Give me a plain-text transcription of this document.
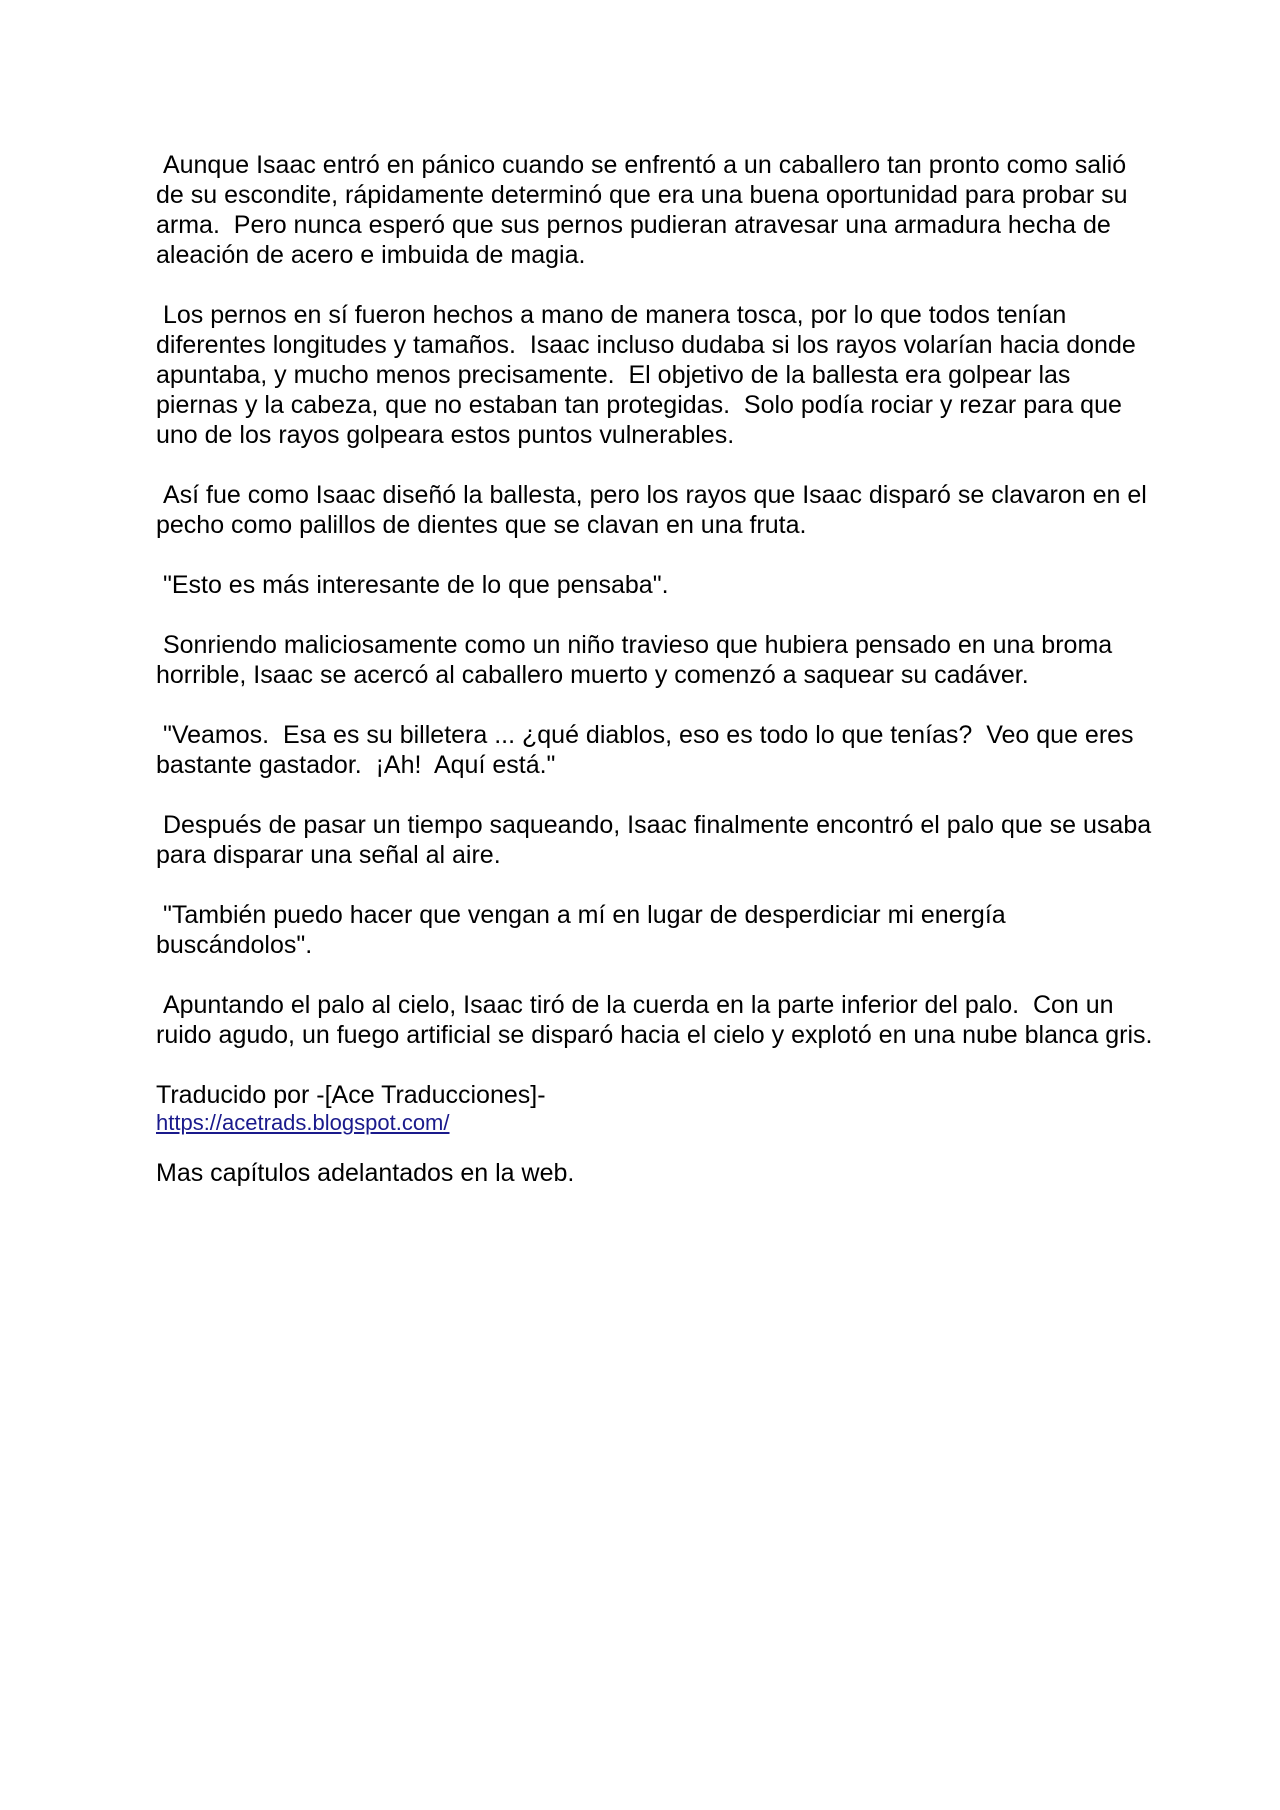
Aunque Isaac entró en pánico cuando se enfrentó a un caballero tan pronto como salió de su escondite, rápidamente determinó que era una buena oportunidad para probar su arma.  Pero nunca esperó que sus pernos pudieran atravesar una armadura hecha de aleación de acero e imbuida de magia.

Los pernos en sí fueron hechos a mano de manera tosca, por lo que todos tenían diferentes longitudes y tamaños.  Isaac incluso dudaba si los rayos volarían hacia donde apuntaba, y mucho menos precisamente.  El objetivo de la ballesta era golpear las piernas y la cabeza, que no estaban tan protegidas.  Solo podía rociar y rezar para que uno de los rayos golpeara estos puntos vulnerables.

Así fue como Isaac diseñó la ballesta, pero los rayos que Isaac disparó se clavaron en el pecho como palillos de dientes que se clavan en una fruta.

"Esto es más interesante de lo que pensaba".

Sonriendo maliciosamente como un niño travieso que hubiera pensado en una broma horrible, Isaac se acercó al caballero muerto y comenzó a saquear su cadáver.

"Veamos.  Esa es su billetera ... ¿qué diablos, eso es todo lo que tenías?  Veo que eres bastante gastador.  ¡Ah!  Aquí está."

Después de pasar un tiempo saqueando, Isaac finalmente encontró el palo que se usaba para disparar una señal al aire.

"También puedo hacer que vengan a mí en lugar de desperdiciar mi energía buscándolos".

Apuntando el palo al cielo, Isaac tiró de la cuerda en la parte inferior del palo.  Con un ruido agudo, un fuego artificial se disparó hacia el cielo y explotó en una nube blanca gris.

Traducido por -[Ace Traducciones]-

https://acetrads.blogspot.com/

Mas capítulos adelantados en la web.
